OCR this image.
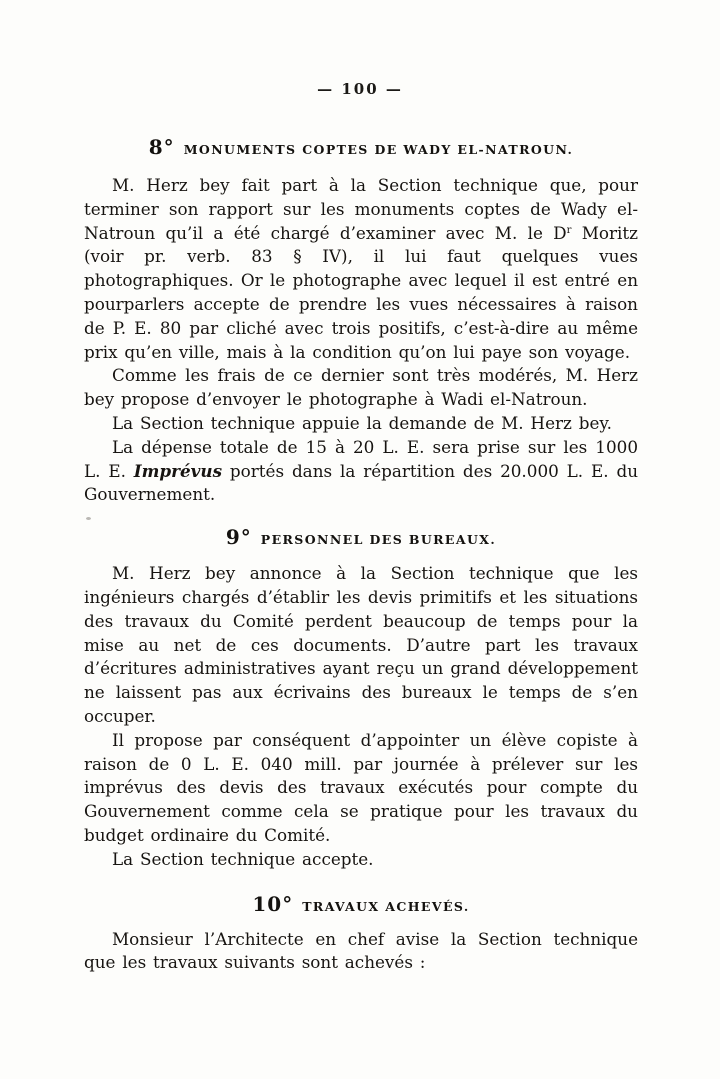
— 100 —
8° MONUMENTS COPTES DE WADY EL-NATROUN.

M. Herz bey fait part à la Section technique que, pour terminer son rapport sur les monuments coptes de Wady el-Natroun qu’il a été chargé d’examiner avec M. le $D^r$ Moritz (voir pr. verb. 83 § IV), il lui faut quelques vues photographiques. Or le photographe avec lequel il est entré en pourparlers accepte de prendre les vues nécessaires à raison de P. E. 80 par cliché avec trois positifs, c’est-à-dire au même prix qu’en ville, mais à la condition qu’on lui paye son voyage.

Comme les frais de ce dernier sont très modérés, M. Herz bey propose d’envoyer le photographe à Wadi el-Natroun.

La Section technique appuie la demande de M. Herz bey.

La dépense totale de 15 à 20 L. E. sera prise sur les 1000 L. E. Imprévus portés dans la répartition des 20.000 L. E. du Gouvernement.

9° PERSONNEL DES BUREAUX.

M. Herz bey annonce à la Section technique que les ingénieurs chargés d’établir les devis primitifs et les situations des travaux du Comité perdent beaucoup de temps pour la mise au net de ces documents. D’autre part les travaux d’écritures administratives ayant reçu un grand développement ne laissent pas aux écrivains des bureaux le temps de s’en occuper.

Il propose par conséquent d’appointer un élève copiste à raison de 0 L. E. 040 mill. par journée à prélever sur les imprévus des devis des travaux exécutés pour compte du Gouvernement comme cela se pratique pour les travaux du budget ordinaire du Comité.

La Section technique accepte.

10° TRAVAUX ACHEVÉS.

Monsieur l’Architecte en chef avise la Section technique que les travaux suivants sont achevés :
